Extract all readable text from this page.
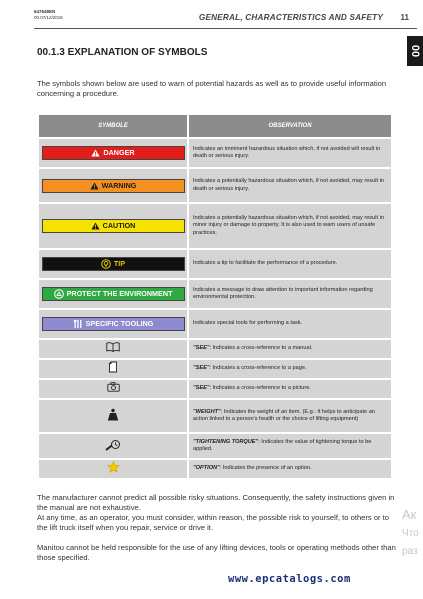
647648EN
00.07/12/2018	GENERAL, CHARACTERISTICS AND SAFETY 11
00
00.1.3 EXPLANATION OF SYMBOLS
The symbols shown below are used to warn of potential hazards as well as to provide useful information concerning a procedure.
SYMBOLE	OBSERVATION

DANGER	Indicates an imminent hazardous situation which, if not avoided will result in death or serious injury.

WARNING	Indicates a potentially hazardous situation which, if not avoided, may result in death or serious injury.

CAUTION	Indicates a potentially hazardous situation which, if not avoided, may result in minor injury or damage to property. It is also used to warn users of unsafe practices.

TIP	Indicates a tip to facilitate the performance of a procedure.

PROTECT THE ENVIRONMENT	Indicates a message to draw attention to important information regarding environmental protection.

SPECIFIC TOOLING	Indicates special tools for performing a task.

	"SEE": Indicates a cross-reference to a manual.

	"SEE": Indicates a cross-reference to a page.

	"SEE": Indicates a cross-reference to a picture.

	"WEIGHT": Indicates the weight of an item. (E.g.: It helps to anticipate an action linked to a person's health or the choice of lifting equipment)

	"TIGHTENING TORQUE": Indicates the value of tightening torque to be applied.

	"OPTION": Indicates the presence of an option.

The manufacturer cannot predict all possible risky situations. Consequently, the safety instructions given in the manual are not exhaustive.

At any time, as an operator, you must consider, within reason, the possible risk to yourself, to others or to the lift truck itself when you repair, service or drive it.

Manitou cannot be held responsible for the use of any lifting devices, tools or operating methods other than those specified.

www.epcatalogs.com
Ак
Что
раз
